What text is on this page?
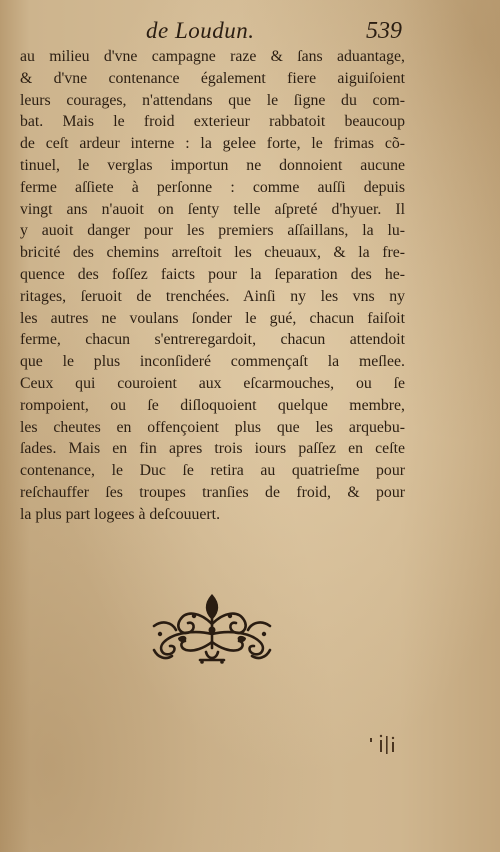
de Loudun.	539
au milieu d'vne campagne raze & ſans aduantage,
& d'vne contenance également fiere aiguiſoient
leurs courages, n'attendans que le ſigne du com-
bat. Mais le froid exterieur rabbatoit beaucoup
de ceſt ardeur interne : la gelee forte, le frimas cõ-
tinuel, le verglas importun ne donnoient aucune
ferme aſſiete à perſonne : comme auſſi depuis
vingt ans n'auoit on ſenty telle aſpreté d'hyuer. Il
y auoit danger pour les premiers aſſaillans, la lu-
bricité des chemins arreſtoit les cheuaux, & la fre-
quence des foſſez faicts pour la ſeparation des he-
ritages, ſeruoit de trenchées. Ainſi ny les vns ny
les autres ne voulans ſonder le gué, chacun faiſoit
ferme, chacun s'entreregardoit, chacun attendoit
que le plus inconſideré commençaſt la meſlee.
Ceux qui couroient aux eſcarmouches, ou ſe
rompoient, ou ſe diſloquoient quelque membre,
les cheutes en offençoient plus que les arquebu-
ſades. Mais en fin apres trois iours paſſez en ceſte
contenance, le Duc ſe retira au quatrieſme pour
reſchauffer ſes troupes tranſies de froid, & pour
la plus part logees à deſcouuert.
